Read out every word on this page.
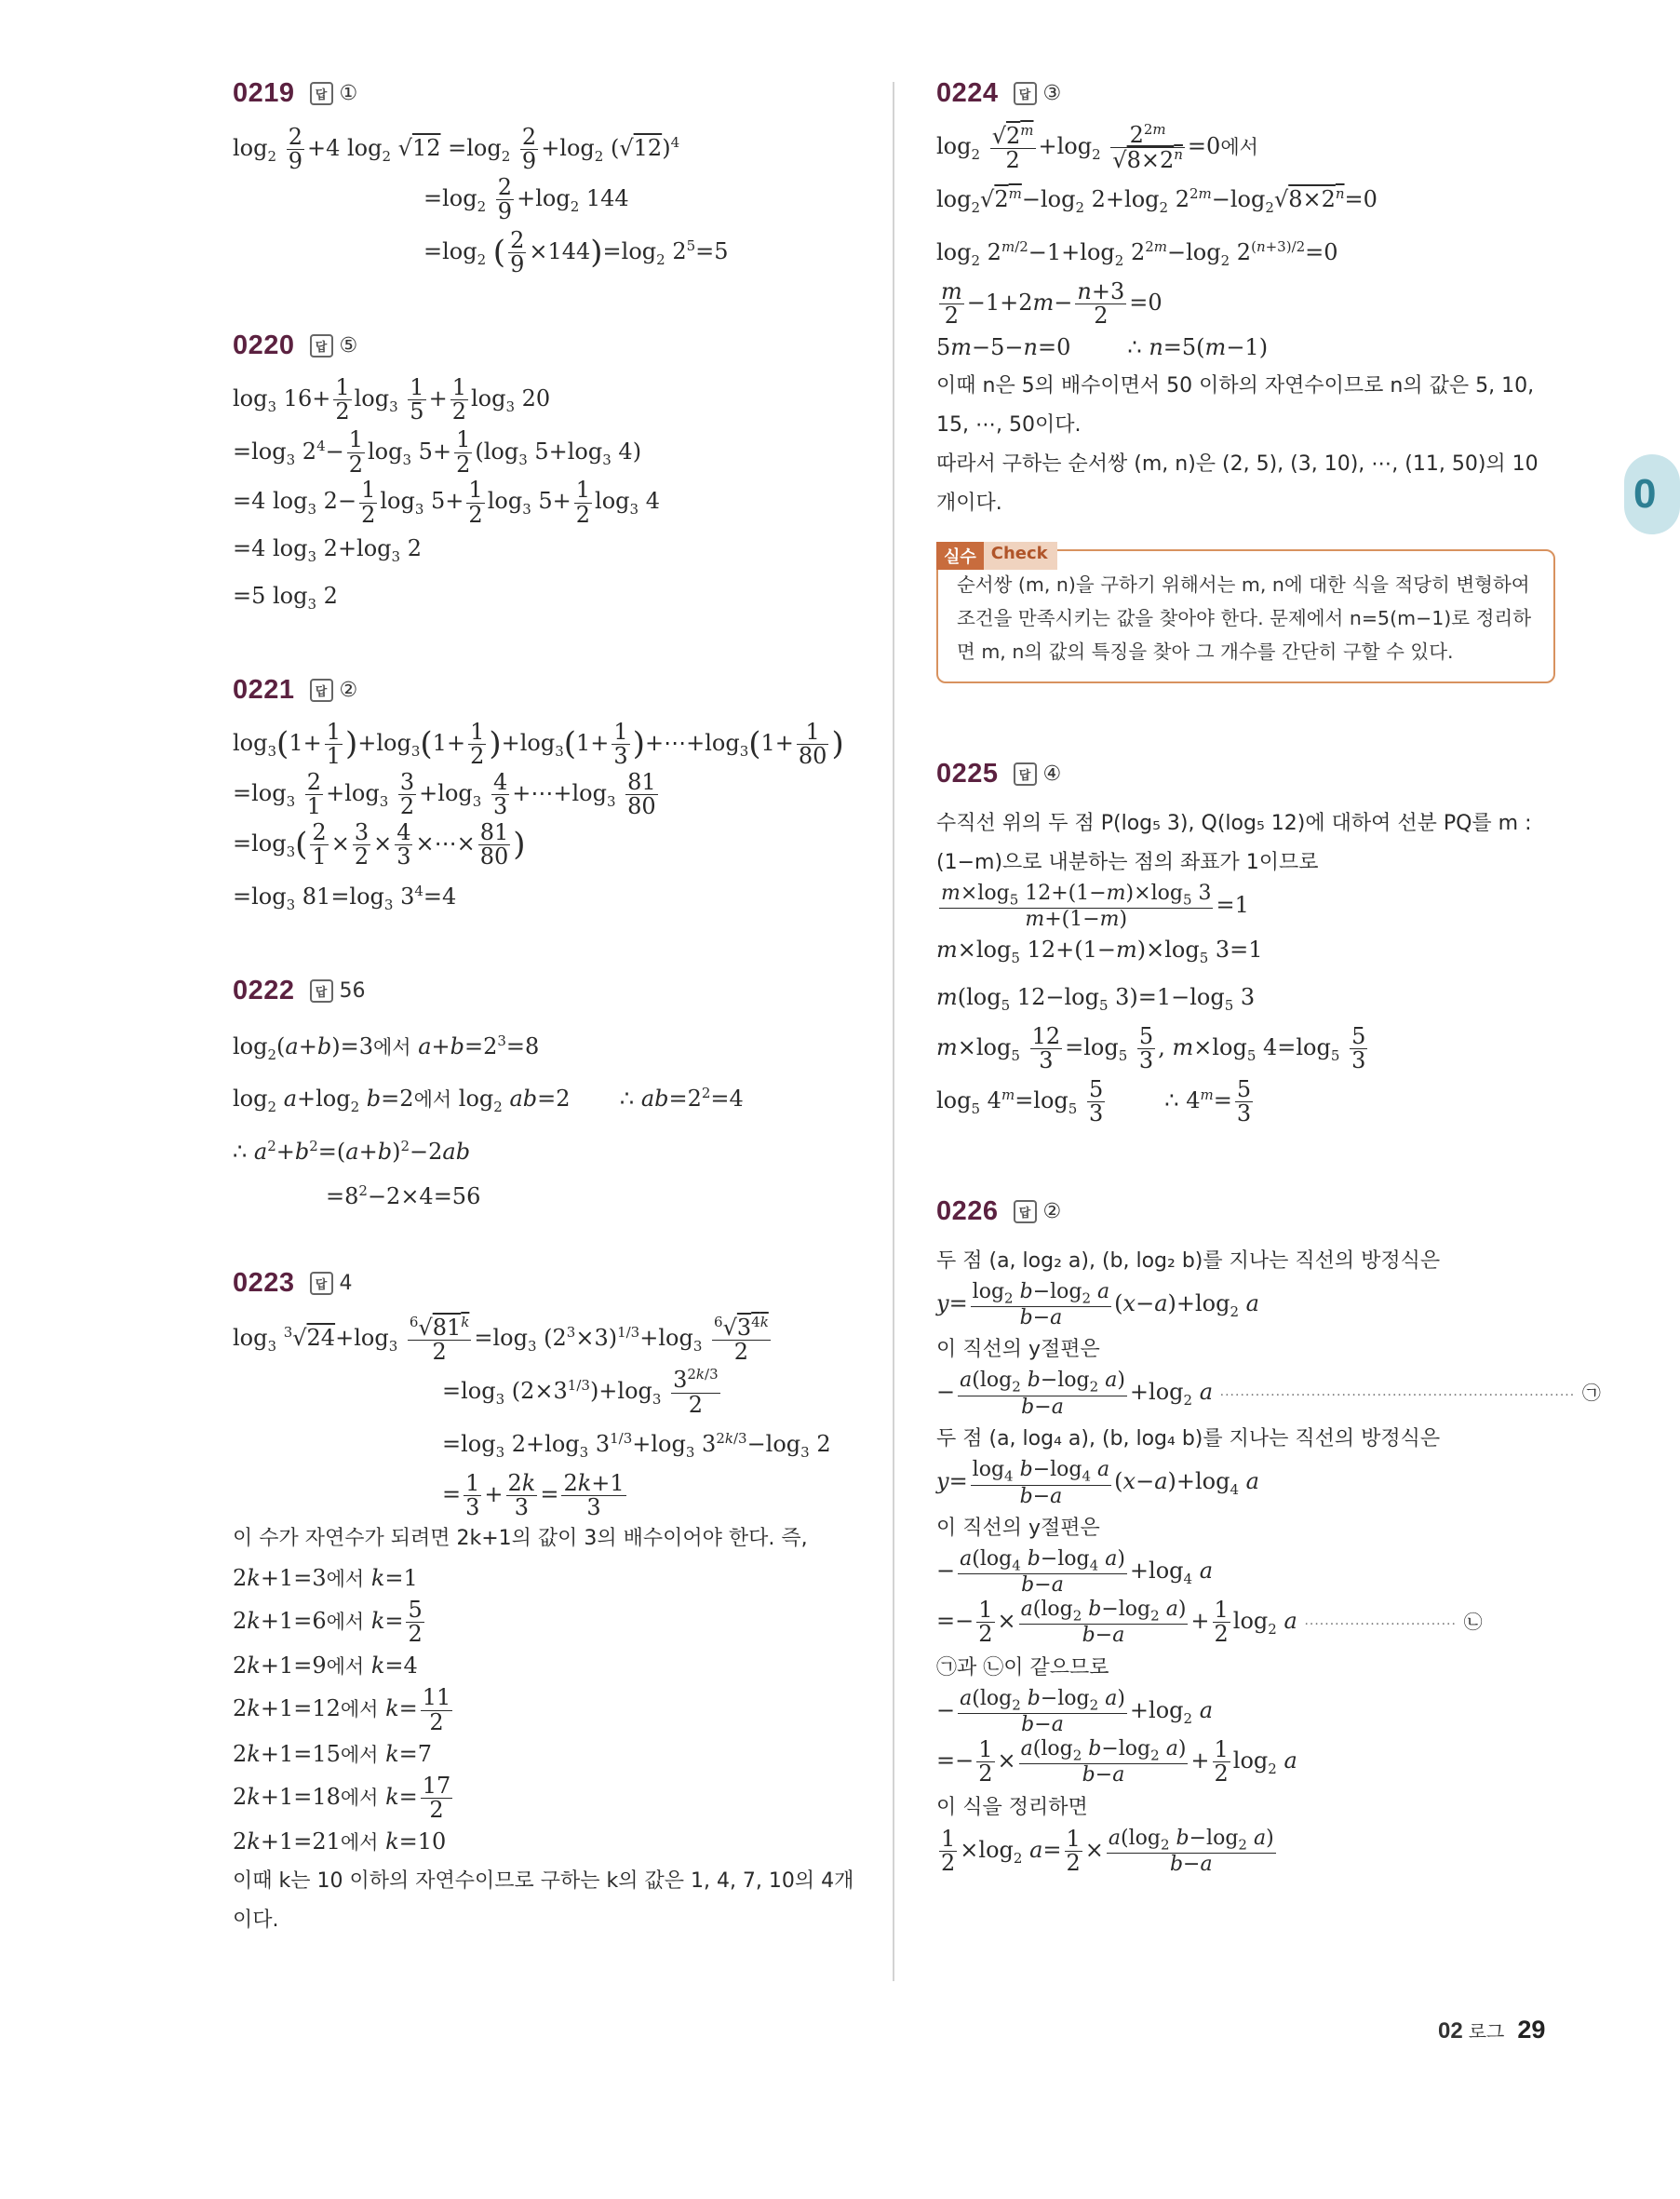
0
0219	답 ①
$\log_2 \frac{2}{9} +4$ $\log_2 √12 =\log_2 \frac{2}{9} +\log_2$ $(√12)^4$
$=\log_2 \frac{2}{9} +\log_2$ 144
$=\log_2$ ( $\frac{2}{9} \times 144)=\log_2$ $2^5=5$
0220	답 ⑤
$\log_3 16+ \frac{1}{2} \log_3 \frac{1}{5} + \frac{1}{2} \log_3 20$
$=\log_3$ $2^4- \frac{1}{2} \log_3 5+ \frac{1}{2} (\log_3$ $5+\log_3$ 4)
=4 $\log_3 2- \frac{1}{2} \log_3 5+ \frac{1}{2} \log_3 5+ \frac{1}{2} \log_3 4$
=4 $\log_3 2+\log_3$ 2
=5 $\log_3 2$
0221	답 ②
$\log_3(1+ \frac{1}{1} )+\log_3(1+ \frac{1}{2} )+\log_3(1+ \frac{1}{3}$ )$+\cdots+\log_3(1+ \frac{1}{80}$ )
$=\log_3 \frac{2}{1} +\log_3 \frac{3}{2} +\log_3 \frac{4}{3}$ $+\cdots+\log_3 \frac{81}{80}$
$=\log_3( \frac{2}{1} \times \frac{3}{2} \times \frac{4}{3}$ ×⋯× $\frac{81}{80}$ )
$=\log_3$ $81=\log_3$ $3^4=4$
0222	답 56
$\log_2(a+b)=3$에서 $a+b=2^3=8$
$\log_2 a+\log_2$ b=2에서 $\log_2 ab=2$       ∴ $ab=2^2=4$
∴ $a^2+b^2=(a+b)^2-2ab$
$=8^2-2\times 4=56$
0223	답 4
$\log_3 ^3√24+\log_3 \frac{^6√81^k}{2} =\log_3$ $(2^3\times 3)^{1/3}+\log_3 \frac{^6√3^{4k}}{2}$
$=\log_3$ $(2\times 3^{1/3})+\log_3 \frac{3^{2k/3}}{2}$
$=\log_3$ $2+\log_3$ $3^{1/3}+\log_3$ $3^{2k/3}-\log_3$ 2
= $\frac{1}{3} + \frac{2k}{3} = \frac{2k+1}{3}$
이 수가 자연수가 되려면 2k+1의 값이 3의 배수이어야 한다. 즉,
2k+1=3에서 k=1
2k+1=6에서 $k= \frac{5}{2}$
2k+1=9에서 k=4
2k+1=12에서 $k= \frac{11}{2}$
2k+1=15에서 k=7
2k+1=18에서 $k= \frac{17}{2}$
2k+1=21에서 k=10
이때 k는 10 이하의 자연수이므로 구하는 k의 값은 1, 4, 7, 10의 4개이다.
0224	답 ③
$\log_2 \frac{√2^m}{2} +\log_2 \frac{2^{2m}}{√8\times 2^n} =0$에서
$\log_2√2^m-\log_2$ $2+\log_2$ $2^{2m}-\log_2√8\times 2^n=0$
$\log_2 2^{m/2}-1+\log_2$ $2^{2m}-\log_2$ $2^{(n+3)/2}=0$
$\frac{m}{2} -1+2m- \frac{n+3}{2} =0$
5m−5−n=0        ∴ n=5(m−1)
이때 n은 5의 배수이면서 50 이하의 자연수이므로 n의 값은 5, 10, 15, ⋯, 50이다.
따라서 구하는 순서쌍 (m, n)은 (2, 5), (3, 10), ⋯, (11, 50)의 10개이다.
실수 Check
순서쌍 (m, n)을 구하기 위해서는 m, n에 대한 식을 적당히 변형하여 조건을 만족시키는 값을 찾아야 한다. 문제에서 n=5(m−1)로 정리하면 m, n의 값의 특징을 찾아 그 개수를 간단히 구할 수 있다.
0225	답 ④
수직선 위의 두 점 P(log₅ 3), Q(log₅ 12)에 대하여 선분 PQ를 m : (1−m)으로 내분하는 점의 좌표가 1이므로
$\frac{m\times\log_5 12+(1-m)\times\log_5 3}{m+(1-m)} =1$
$m\times\log_5$ $12+(1-m)\times\log_5$ 3=1
$m(\log_5$ $12-\log_5$ $3)=1-\log_5$ 3
$m\times\log_5 \frac{12}{3} =\log_5 \frac{5}{3}$ , $m\times\log_5$ $4=\log_5 \frac{5}{3}$
$\log_5 4^m=\log_5 \frac{5}{3}$ ∴ $4^m= \frac{5}{3}$
0226	답 ②
두 점 (a, log₂ a), (b, log₂ b)를 지나는 직선의 방정식은
$y= \frac{\log_2 b-\log_2 a}{b-a} (x-a)+\log_2$ a
이 직선의 y절편은
− $\frac{a(\log_2 b-\log_2 a)}{b-a} +\log_2$ a ······································································ ㉠
두 점 (a, log₄ a), (b, log₄ b)를 지나는 직선의 방정식은
$y= \frac{\log_4 b-\log_4 a}{b-a} (x-a)+\log_4$ a
이 직선의 y절편은
− $\frac{a(\log_4 b-\log_4 a)}{b-a} +\log_4$ a
=− $\frac{1}{2} \times \frac{a(\log_2 b-\log_2 a)}{b-a} + \frac{1}{2} \log_2 a$ ······························ ㉡
㉠과 ㉡이 같으므로
− $\frac{a(\log_2 b-\log_2 a)}{b-a} +\log_2$ a
=− $\frac{1}{2} \times \frac{a(\log_2 b-\log_2 a)}{b-a} + \frac{1}{2} \log_2 a$
이 식을 정리하면
$\frac{1}{2} \times\log_2$ $a= \frac{1}{2} \times \frac{a(\log_2 b-\log_2 a)}{b-a}$
02 로그 29
